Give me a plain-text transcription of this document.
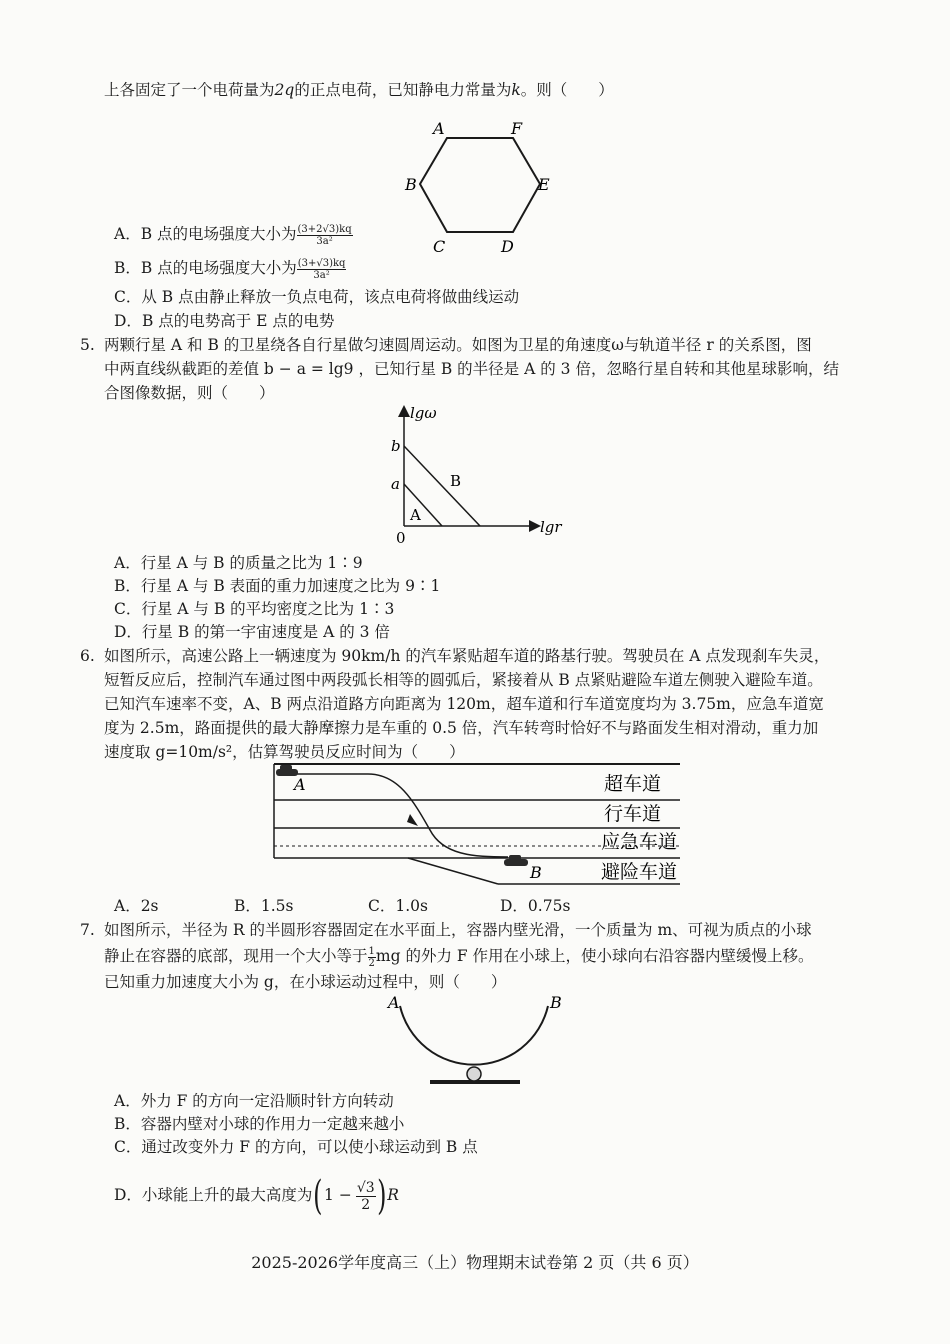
上各固定了一个电荷量为2q的正点电荷，已知静电力常量为k。则（　　）
A	F
B	E
C	D
A．B 点的电场强度大小为 $\frac{(3+2√3)kq}{\text{3a²}}$
B．B 点的电场强度大小为 $\frac{(3+√3)kq}{\text{3a²}}$
C．从 B 点由静止释放一负点电荷，该点电荷将做曲线运动
D．B 点的电势高于 E 点的电势
5. 两颗行星 A 和 B 的卫星绕各自行星做匀速圆周运动。如图为卫星的角速度ω与轨道半径 r 的关系图，图
中两直线纵截距的差值 b − a = lg9 ，已知行星 B 的半径是 A 的 3 倍，忽略行星自转和其他星球影响，结
合图像数据，则（　　）
lgω
lgr
0
b
a
A
B
A．行星 A 与 B 的质量之比为 1∶9
B．行星 A 与 B 表面的重力加速度之比为 9∶1
C．行星 A 与 B 的平均密度之比为 1∶3
D．行星 B 的第一宇宙速度是 A 的 3 倍
6. 如图所示，高速公路上一辆速度为 90km/h 的汽车紧贴超车道的路基行驶。驾驶员在 A 点发现刹车失灵，
短暂反应后，控制汽车通过图中两段弧长相等的圆弧后，紧接着从 B 点紧贴避险车道左侧驶入避险车道。
已知汽车速率不变，A、B 两点沿道路方向距离为 120m，超车道和行车道宽度均为 3.75m，应急车道宽
度为 2.5m，路面提供的最大静摩擦力是车重的 0.5 倍，汽车转弯时恰好不与路面发生相对滑动，重力加
速度取 g=10m/s²，估算驾驶员反应时间为（　　）
A
B
超车道
行车道
应急车道
避险车道
A．2s	B．1.5s	C．1.0s	D．0.75s
7. 如图所示，半径为 R 的半圆形容器固定在水平面上，容器内壁光滑，一个质量为 m、可视为质点的小球
静止在容器的底部，现用一个大小等于 $\frac{1}{2}$ mg 的外力 F 作用在小球上，使小球向右沿容器内壁缓慢上移。
已知重力加速度大小为 g，在小球运动过程中，则（　　）
A	B
A．外力 F 的方向一定沿顺时针方向转动
B．容器内壁对小球的作用力一定越来越小
C．通过改变外力 F 的方向，可以使小球运动到 B 点
D．小球能上升的最大高度为$(1 - \frac{√3}{2} )R$
2025-2026学年度高三（上）物理期末试卷第 2 页（共 6 页）
